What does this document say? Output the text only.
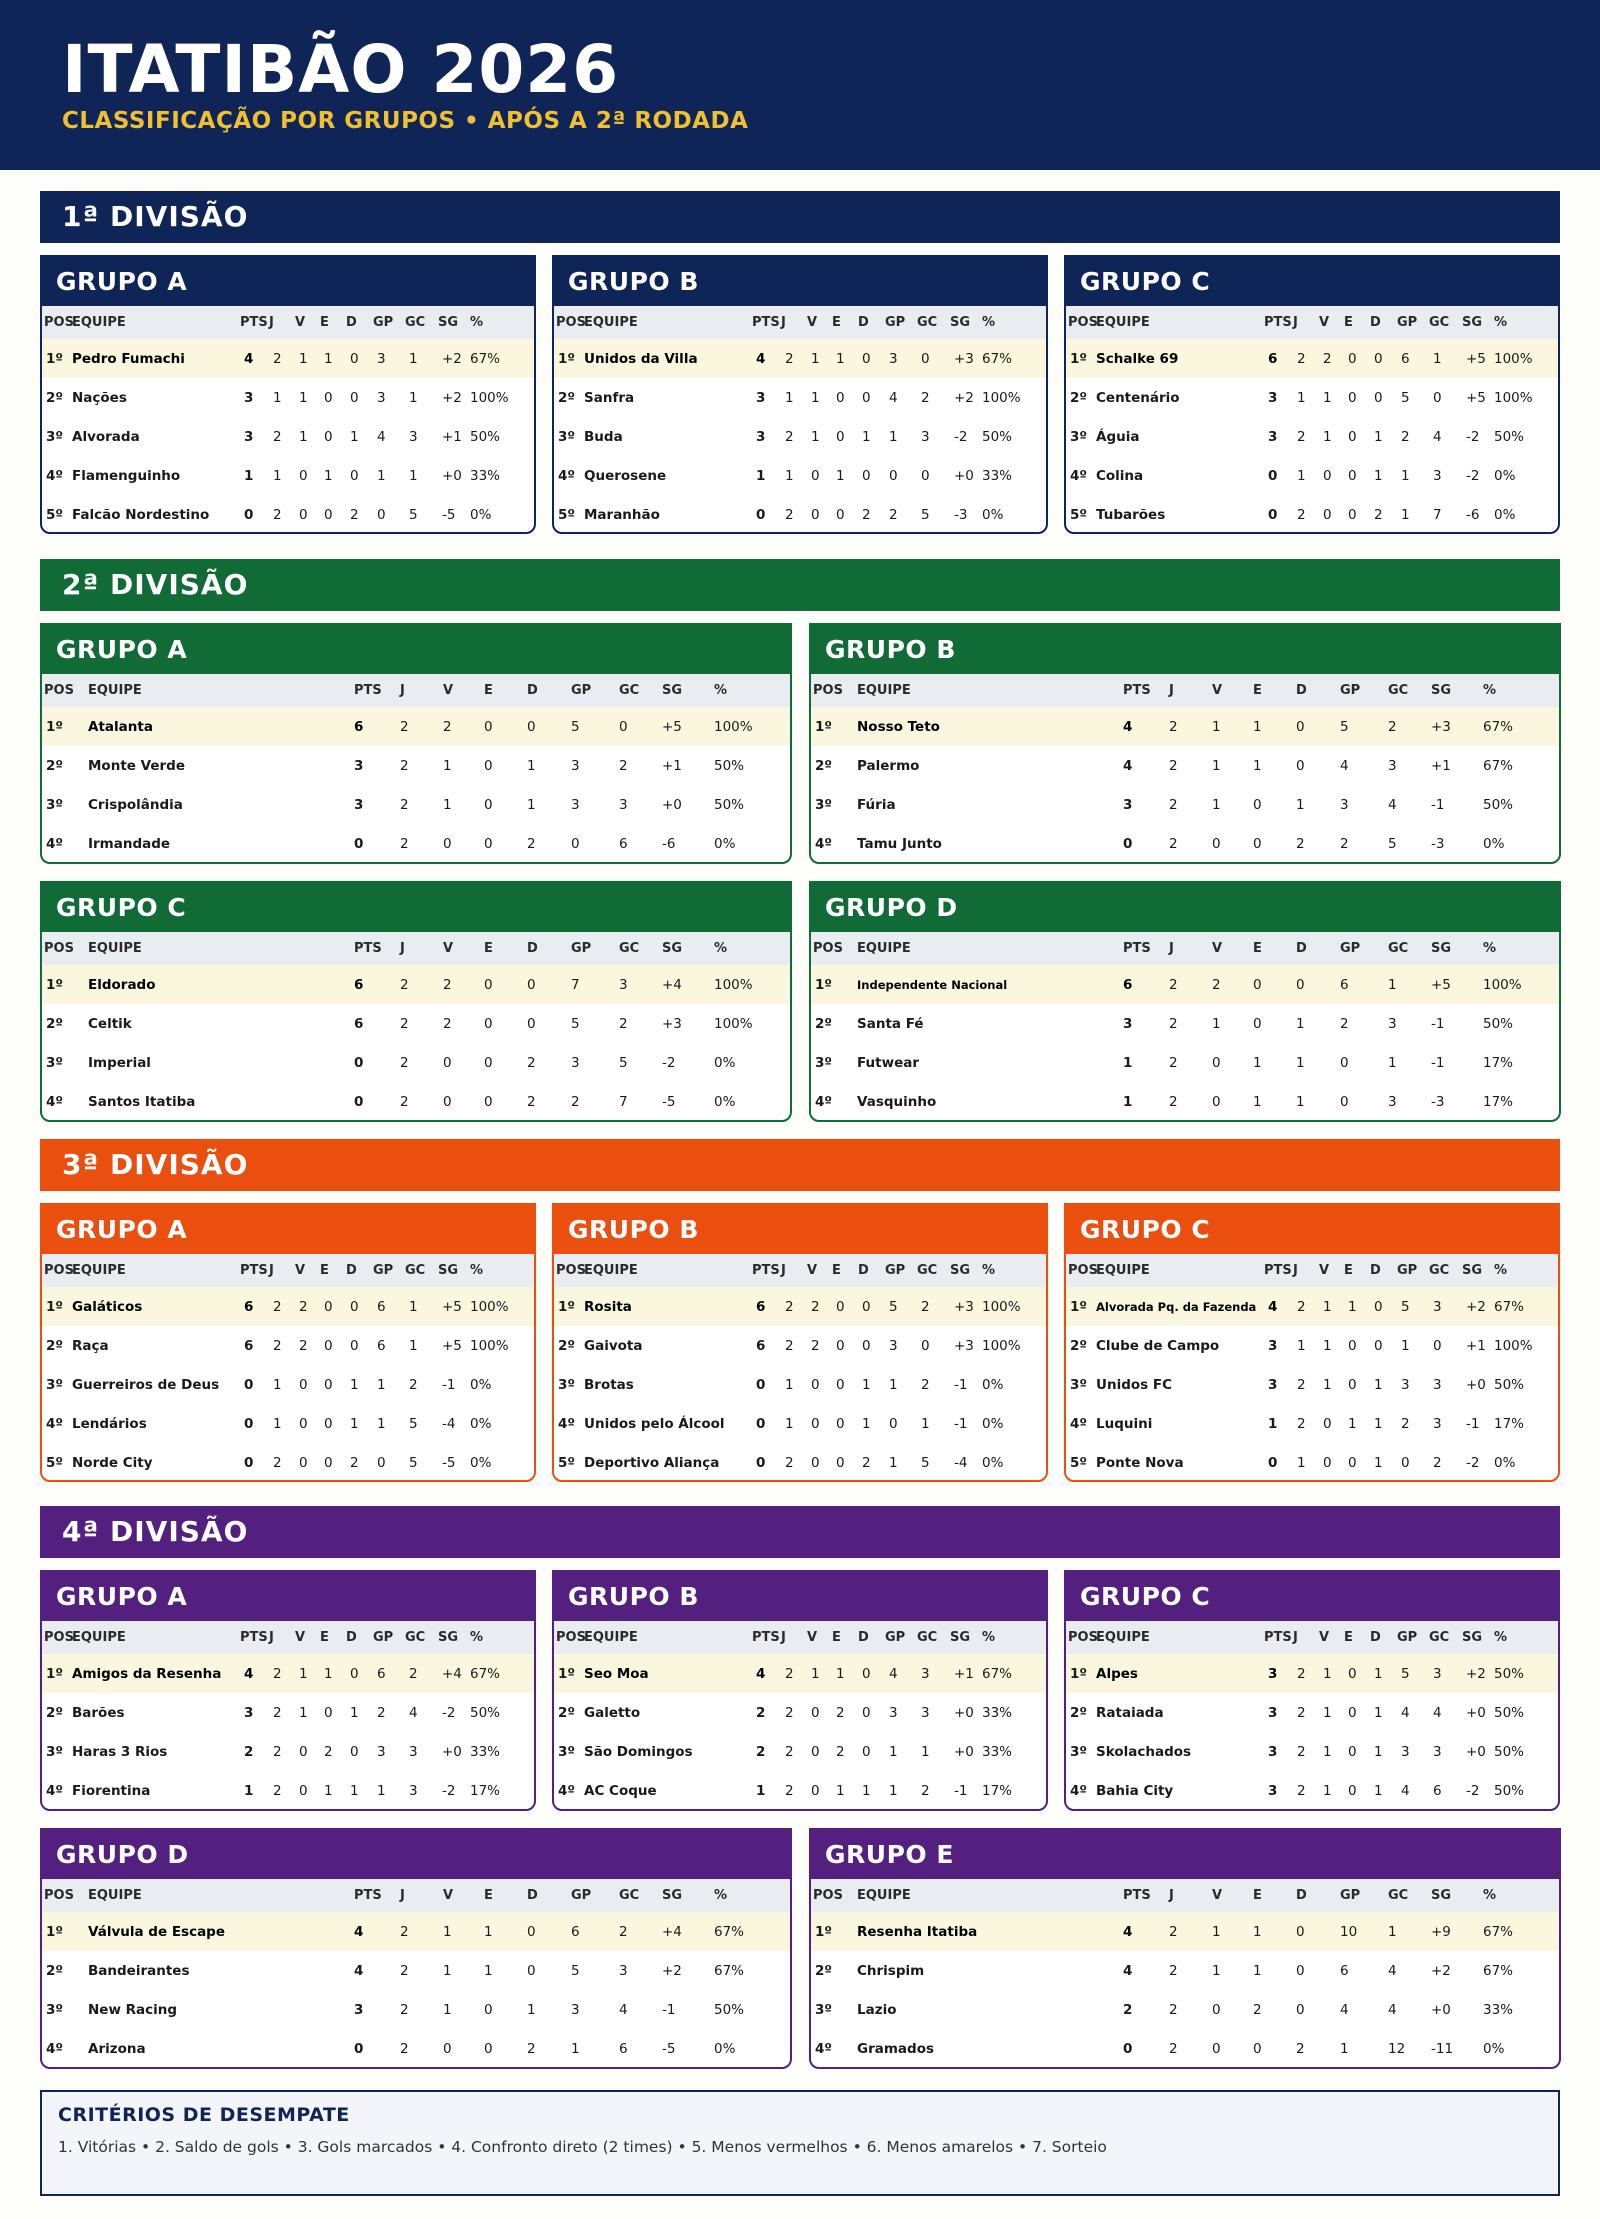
ITATIBÃO 2026
CLASSIFICAÇÃO POR GRUPOS • APÓS A 2ª RODADA
1ª DIVISÃO
GRUPO A
POS
EQUIPE	PTS J V E D GP GC SG %
1º Pedro Fumachi	4 2 1 1 0 3 1 +2 67%
2º Nações	3 1 1 0 0 3 1 +2 100%
3º Alvorada	3 2 1 0 1 4 3 +1 50%
4º Flamenguinho	1 1 0 1 0 1 1 +0 33%
5º Falcão Nordestino	0 2 0 0 2 0 5 -5 0%
GRUPO B
POS
EQUIPE	PTS J V E D GP GC SG %
1º Unidos da Villa	4 2 1 1 0 3 0 +3 67%
2º Sanfra	3 1 1 0 0 4 2 +2 100%
3º Buda	3 2 1 0 1 1 3 -2 50%
4º Querosene	1 1 0 1 0 0 0 +0 33%
5º Maranhão	0 2 0 0 2 2 5 -3 0%
GRUPO C
POS
EQUIPE	PTS J V E D GP GC SG %
1º Schalke 69	6 2 2 0 0 6 1 +5 100%
2º Centenário	3 1 1 0 0 5 0 +5 100%
3º Águia	3 2 1 0 1 2 4 -2 50%
4º Colina	0 1 0 0 1 1 3 -2 0%
5º Tubarões	0 2 0 0 2 1 7 -6 0%
2ª DIVISÃO
GRUPO A
POS EQUIPE	PTS J	V E	D	GP GC SG %
1º Atalanta	6	2	2 0	0	5	0	+5 100%
2º Monte Verde	3	2	1 0	1	3	2	+1 50%
3º Crispolândia	3	2	1 0	1	3	3	+0 50%
4º Irmandade	0	2	0 0	2	0	6	-6	0%
GRUPO B
POS EQUIPE	PTS J	V E	D	GP GC SG %
1º Nosso Teto	4	2	1 1	0	5	2	+3 67%
2º Palermo	4	2	1 1	0	4	3	+1 67%
3º Fúria	3	2	1 0	1	3	4	-1	50%
4º Tamu Junto	0	2	0 0	2	2	5	-3	0%
GRUPO C
POS EQUIPE	PTS J	V E	D	GP GC SG %
1º Eldorado	6	2	2 0	0	7	3	+4 100%
2º Celtik	6	2	2 0	0	5	2	+3 100%
3º Imperial	0	2	0 0	2	3	5	-2	0%
4º Santos Itatiba	0	2	0 0	2	2	7	-5	0%
GRUPO D
POS EQUIPE	PTS J	V E	D	GP GC SG %
1º Independente Nacional	6	2	2 0	0	6	1	+5 100%
2º Santa Fé	3	2	1 0	1	2	3	-1	50%
3º Futwear	1	2	0 1	1	0	1	-1	17%
4º Vasquinho	1	2	0 1	1	0	3	-3	17%
3ª DIVISÃO
GRUPO A
POS
EQUIPE	PTS J V E D GP GC SG %
1º Galáticos	6 2 2 0 0 6 1 +5 100%
2º Raça	6 2 2 0 0 6 1 +5 100%
3º Guerreiros de Deus 0 1 0 0 1 1 2 -1 0%
4º Lendários	0 1 0 0 1 1 5 -4 0%
5º Norde City	0 2 0 0 2 0 5 -5 0%
GRUPO B
POS
EQUIPE	PTS J V E D GP GC SG %
1º Rosita	6 2 2 0 0 5 2 +3 100%
2º Gaivota	6 2 2 0 0 3 0 +3 100%
3º Brotas	0 1 0 0 1 1 2 -1 0%
4º Unidos pelo Álcool 0 1 0 0 1 0 1 -1 0%
5º Deportivo Aliança	0 2 0 0 2 1 5 -4 0%
GRUPO C
POS
EQUIPE	PTS J V E D GP GC SG %
1º Alvorada Pq. da Fazenda 4 2 1 1 0 5 3 +2 67%
2º Clube de Campo	3 1 1 0 0 1 0 +1 100%
3º Unidos FC	3 2 1 0 1 3 3 +0 50%
4º Luquini	1 2 0 1 1 2 3 -1 17%
5º Ponte Nova	0 1 0 0 1 0 2 -2 0%
4ª DIVISÃO
GRUPO A
POS
EQUIPE	PTS J V E D GP GC SG %
1º Amigos da Resenha 4 2 1 1 0 6 2 +4 67%
2º Barões	3 2 1 0 1 2 4 -2 50%
3º Haras 3 Rios	2 2 0 2 0 3 3 +0 33%
4º Fiorentina	1 2 0 1 1 1 3 -2 17%
GRUPO B
POS
EQUIPE	PTS J V E D GP GC SG %
1º Seo Moa	4 2 1 1 0 4 3 +1 67%
2º Galetto	2 2 0 2 0 3 3 +0 33%
3º São Domingos	2 2 0 2 0 1 1 +0 33%
4º AC Coque	1 2 0 1 1 1 2 -1 17%
GRUPO C
POS
EQUIPE	PTS J V E D GP GC SG %
1º Alpes	3 2 1 0 1 5 3 +2 50%
2º Rataiada	3 2 1 0 1 4 4 +0 50%
3º Skolachados	3 2 1 0 1 3 3 +0 50%
4º Bahia City	3 2 1 0 1 4 6 -2 50%
GRUPO D
POS EQUIPE	PTS J	V E	D	GP GC SG %
1º Válvula de Escape	4	2	1 1	0	6	2	+4 67%
2º Bandeirantes	4	2	1 1	0	5	3	+2 67%
3º New Racing	3	2	1 0	1	3	4	-1	50%
4º Arizona	0	2	0 0	2	1	6	-5	0%
GRUPO E
POS EQUIPE	PTS J	V E	D	GP GC SG %
1º Resenha Itatiba	4	2	1 1	0	10 1	+9 67%
2º Chrispim	4	2	1 1	0	6	4	+2 67%
3º Lazio	2	2	0 2	0	4	4	+0 33%
4º Gramados	0	2	0 0	2	1	12 -11 0%
CRITÉRIOS DE DESEMPATE
1. Vitórias • 2. Saldo de gols • 3. Gols marcados • 4. Confronto direto (2 times) • 5. Menos vermelhos • 6. Menos amarelos • 7. Sorteio
